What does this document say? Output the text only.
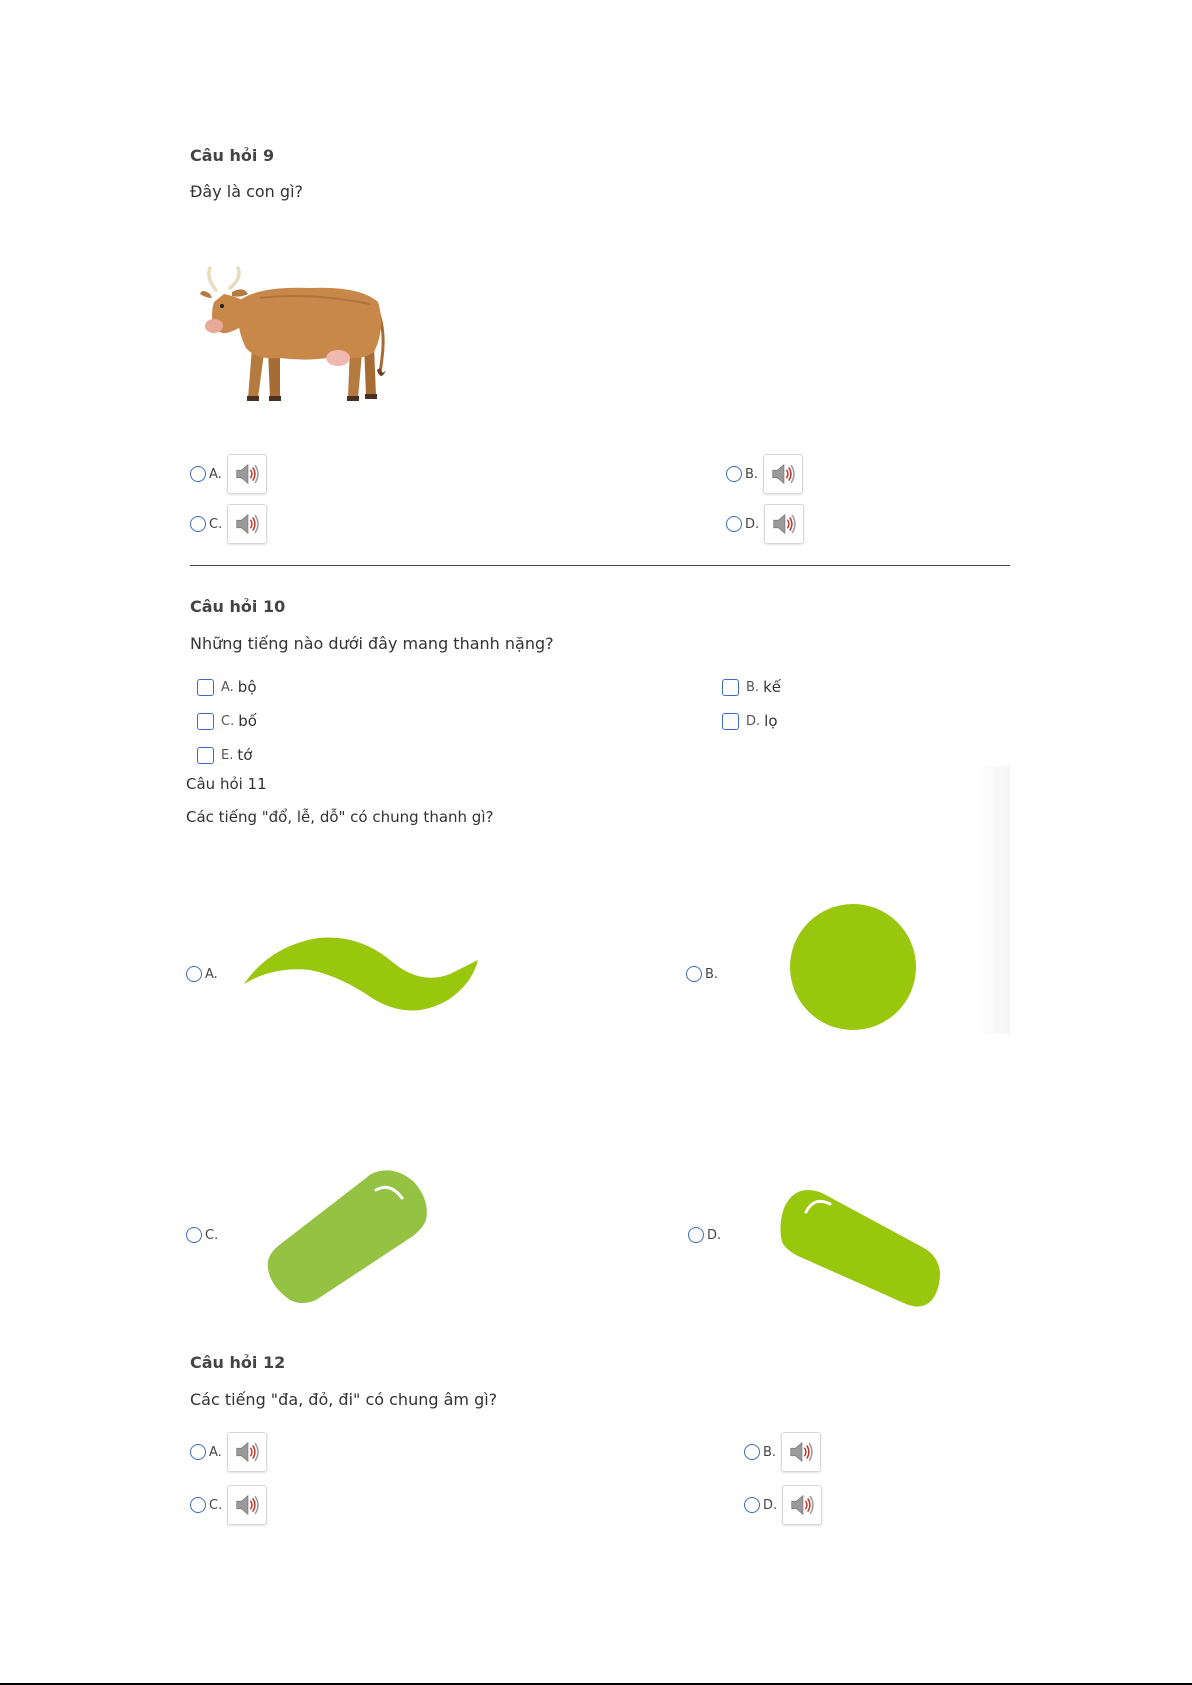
Câu hỏi 9
Đây là con gì?
A.	B.
C.	D.
Câu hỏi 10
Những tiếng nào dưới đây mang thanh nặng?
A. bộ	B. kế
C. bố	D. lọ
E. tớ
Câu hỏi 11
Các tiếng "đổ, lễ, dỗ" có chung thanh gì?
A.	B.
C.	D.
Câu hỏi 12
Các tiếng "đa, đỏ, đi" có chung âm gì?
A.	B.
C.	D.
